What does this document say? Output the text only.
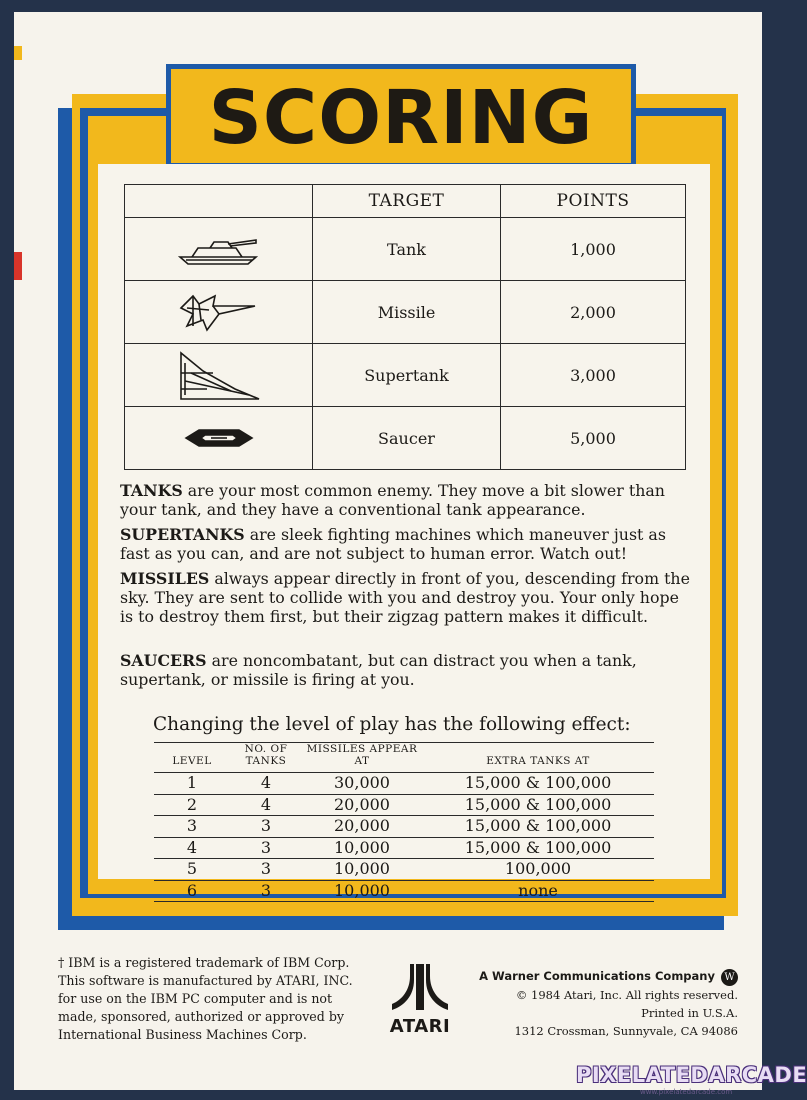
SCORING
	TARGET	POINTS

	Tank	1,000

	Missile	2,000

	Supertank	3,000

	Saucer	5,000

TANKS are your most common enemy. They move a bit slower than your tank, and they have a conventional tank appearance.

SUPERTANKS are sleek fighting machines which maneuver just as fast as you can, and are not subject to human error. Watch out!

MISSILES always appear directly in front of you, descending from the sky. They are sent to collide with you and destroy you. Your only hope is to destroy them first, but their zigzag pattern makes it difficult.

SAUCERS are noncombatant, but can distract you when a tank, supertank, or missile is firing at you.

Changing the level of play has the following effect:
LEVEL	NO. OF TANKS	MISSILES APPEAR AT	EXTRA TANKS AT
1	4	30,000	15,000 & 100,000
2	4	20,000	15,000 & 100,000
3	3	20,000	15,000 & 100,000
4	3	10,000	15,000 & 100,000
5	3	10,000	100,000
6	3	10,000	none
† IBM is a registered trademark of IBM Corp. This software is manufactured by ATARI, INC. for use on the IBM PC computer and is not made, sponsored, authorized or approved by International Business Machines Corp.	ATARI
A Warner Communications Company W
© 1984 Atari, Inc. All rights reserved.
Printed in U.S.A.
1312 Crossman, Sunnyvale, CA 94086
PIXELATEDARCADE
www.pixelatedarcade.com
